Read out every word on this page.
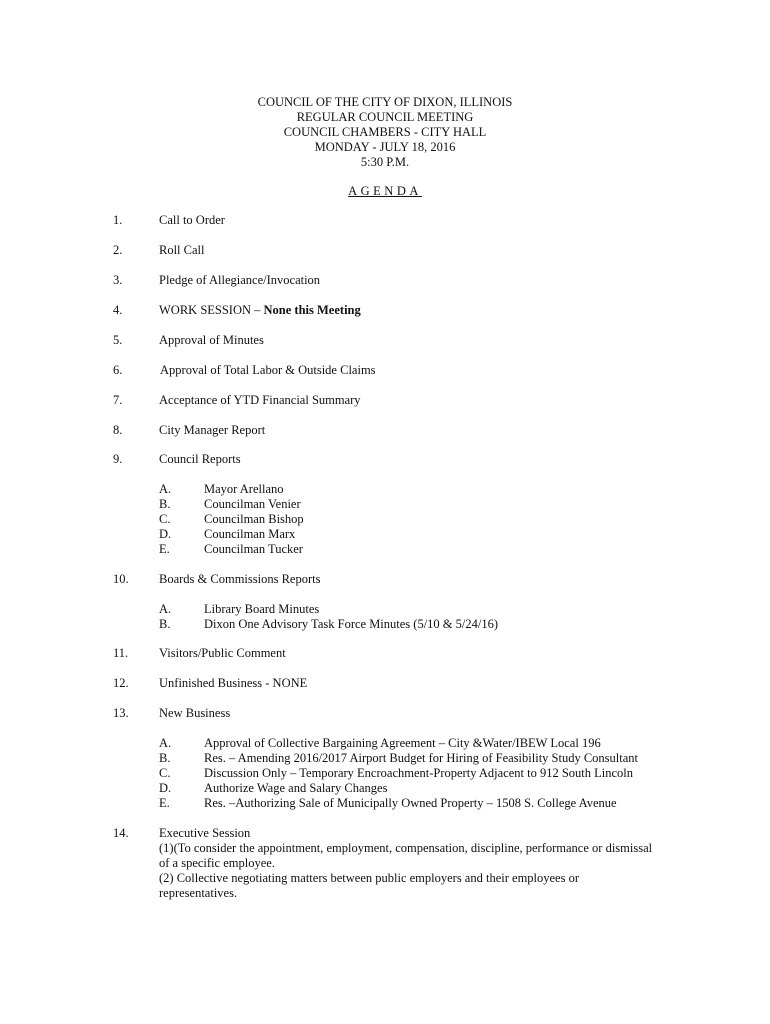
COUNCIL OF THE CITY OF DIXON, ILLINOIS
REGULAR COUNCIL MEETING
COUNCIL CHAMBERS - CITY HALL
MONDAY - JULY 18, 2016
5:30 P.M.
AGENDA
1.	Call to Order
2.	Roll Call
3.	Pledge of Allegiance/Invocation
4.	WORK SESSION – None this Meeting
5.	Approval of Minutes
6.	Approval of Total Labor & Outside Claims
7.	Acceptance of YTD Financial Summary
8.	City Manager Report
9.	Council Reports
A.	Mayor Arellano
B.	Councilman Venier
C.	Councilman Bishop
D.	Councilman Marx
E.	Councilman Tucker
10. Boards & Commissions Reports
A.	Library Board Minutes
B.	Dixon One Advisory Task Force Minutes (5/10 & 5/24/16)
11. Visitors/Public Comment
12. Unfinished Business - NONE
13. New Business
A.	Approval of Collective Bargaining Agreement – City &Water/IBEW Local 196
B.	Res. – Amending 2016/2017 Airport Budget for Hiring of Feasibility Study Consultant
C.	Discussion Only – Temporary Encroachment-Property Adjacent to 912 South Lincoln
D.	Authorize Wage and Salary Changes
E.	Res. –Authorizing Sale of Municipally Owned Property – 1508 S. College Avenue
14. Executive Session
(1)(To consider the appointment, employment, compensation, discipline, performance or dismissal
of a specific employee.
(2) Collective negotiating matters between public employers and their employees or
representatives.
